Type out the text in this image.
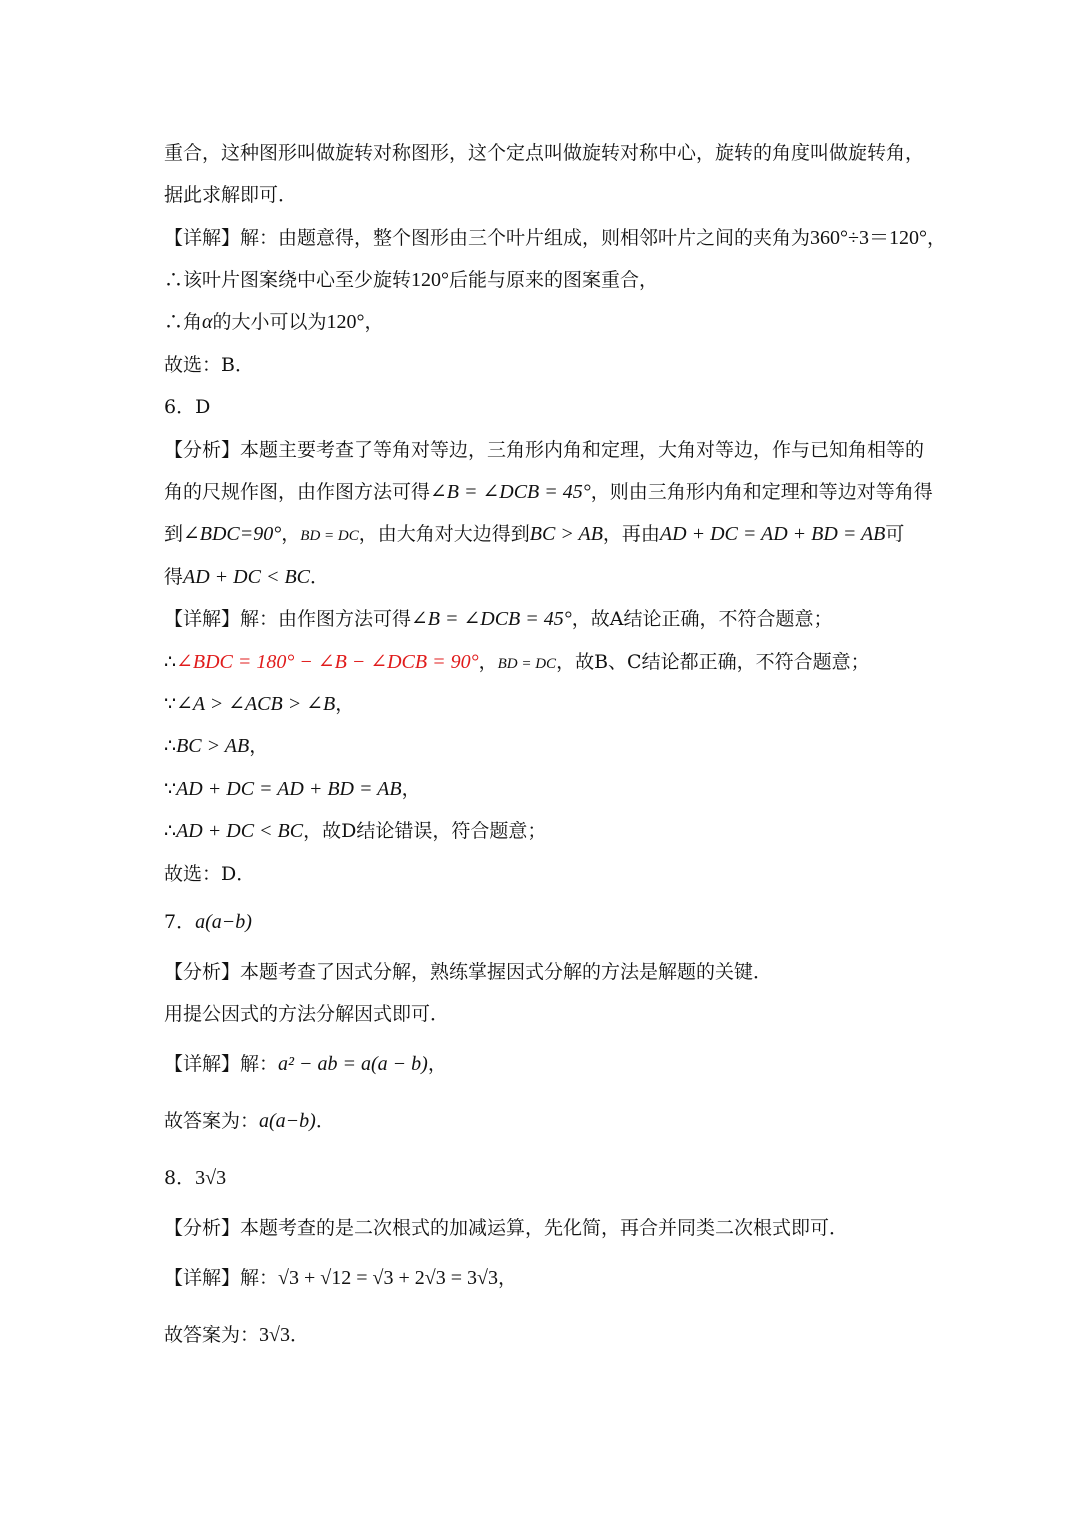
重合，这种图形叫做旋转对称图形，这个定点叫做旋转对称中心，旋转的角度叫做旋转角，
据此求解即可．
【详解】解：由题意得，整个图形由三个叶片组成，则相邻叶片之间的夹角为360°÷3＝120°，
∴该叶片图案绕中心至少旋转120°后能与原来的图案重合，
∴角α的大小可以为120°，
故选：B．
6．D
【分析】本题主要考查了等角对等边，三角形内角和定理，大角对等边，作与已知角相等的
角的尺规作图，由作图方法可得∠B = ∠DCB = 45°，则由三角形内角和定理和等边对等角得
到∠BDC=90°，BD = DC，由大角对大边得到BC > AB，再由AD + DC = AD + BD = AB可
得AD + DC < BC．
【详解】解：由作图方法可得∠B = ∠DCB = 45°，故A结论正确，不符合题意；
∴∠BDC = 180° − ∠B − ∠DCB = 90°，BD = DC，故B、C结论都正确，不符合题意；
∵∠A > ∠ACB > ∠B，
∴BC > AB，
∵AD + DC = AD + BD = AB，
∴AD + DC < BC，故D结论错误，符合题意；
故选：D．
7．a(a−b)
【分析】本题考查了因式分解，熟练掌握因式分解的方法是解题的关键．
用提公因式的方法分解因式即可．
【详解】解：a² − ab = a(a − b)，
故答案为：a(a−b)．
8．3√3
【分析】本题考查的是二次根式的加减运算，先化简，再合并同类二次根式即可．
【详解】解：√3 + √12 = √3 + 2√3 = 3√3，
故答案为：3√3．
